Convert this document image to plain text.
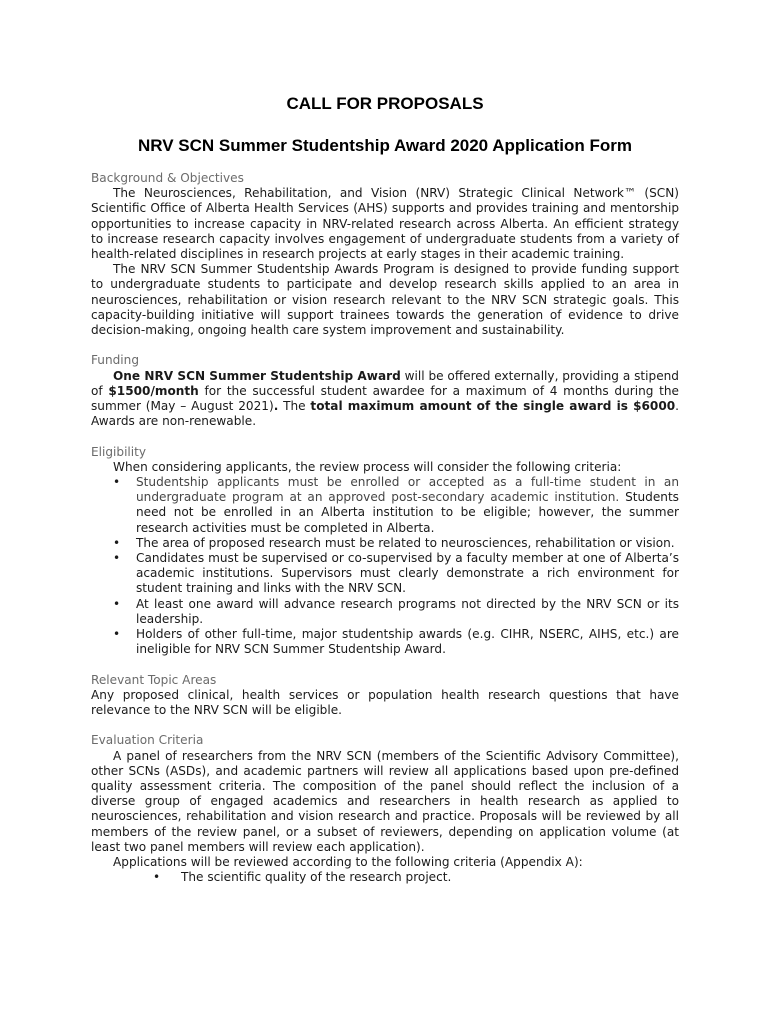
CALL FOR PROPOSALS
NRV SCN Summer Studentship Award 2020 Application Form
Background & Objectives

The Neurosciences, Rehabilitation, and Vision (NRV) Strategic Clinical Network™ (SCN) Scientific Office of Alberta Health Services (AHS) supports and provides training and mentorship opportunities to increase capacity in NRV-related research across Alberta. An efficient strategy to increase research capacity involves engagement of undergraduate students from a variety of health-related disciplines in research projects at early stages in their academic training.

The NRV SCN Summer Studentship Awards Program is designed to provide funding support to undergraduate students to participate and develop research skills applied to an area in neurosciences, rehabilitation or vision research relevant to the NRV SCN strategic goals. This capacity-building initiative will support trainees towards the generation of evidence to drive decision-making, ongoing health care system improvement and sustainability.

Funding

One NRV SCN Summer Studentship Award will be offered externally, providing a stipend of $1500/month for the successful student awardee for a maximum of 4 months during the summer (May – August 2021). The total maximum amount of the single award is $6000. Awards are non-renewable.

Eligibility

When considering applicants, the review process will consider the following criteria:

• Studentship applicants must be enrolled or accepted as a full-time student in an undergraduate program at an approved post-secondary academic institution. Students need not be enrolled in an Alberta institution to be eligible; however, the summer research activities must be completed in Alberta.
• The area of proposed research must be related to neurosciences, rehabilitation or vision.
• Candidates must be supervised or co-supervised by a faculty member at one of Alberta’s academic institutions. Supervisors must clearly demonstrate a rich environment for student training and links with the NRV SCN.
• At least one award will advance research programs not directed by the NRV SCN or its leadership.
• Holders of other full-time, major studentship awards (e.g. CIHR, NSERC, AIHS, etc.) are ineligible for NRV SCN Summer Studentship Award.
Relevant Topic Areas

Any proposed clinical, health services or population health research questions that have relevance to the NRV SCN will be eligible.

Evaluation Criteria

A panel of researchers from the NRV SCN (members of the Scientific Advisory Committee), other SCNs (ASDs), and academic partners will review all applications based upon pre-defined quality assessment criteria. The composition of the panel should reflect the inclusion of a diverse group of engaged academics and researchers in health research as applied to neurosciences, rehabilitation and vision research and practice. Proposals will be reviewed by all members of the review panel, or a subset of reviewers, depending on application volume (at least two panel members will review each application).

Applications will be reviewed according to the following criteria (Appendix A):

• The scientific quality of the research project.
